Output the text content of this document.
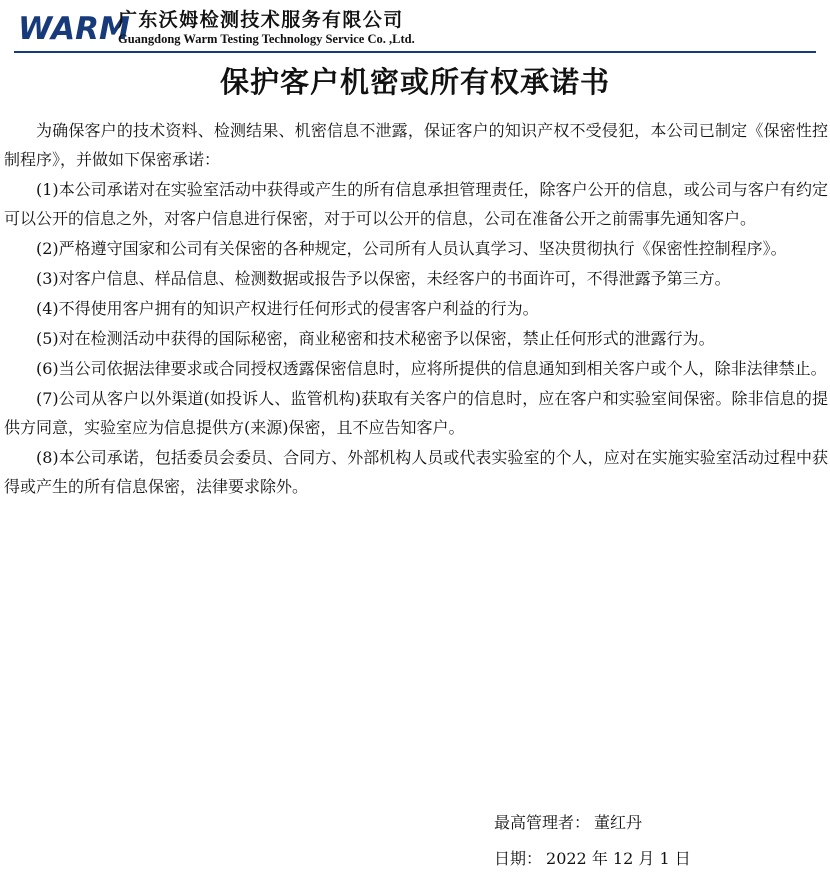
WARM
广东沃姆检测技术服务有限公司
Guangdong Warm Testing Technology Service Co. ,Ltd.
保护客户机密或所有权承诺书

为确保客户的技术资料、检测结果、机密信息不泄露，保证客户的知识产权不受侵犯，本公司已制定《保密性控制程序》，并做如下保密承诺：

(1)本公司承诺对在实验室活动中获得或产生的所有信息承担管理责任，除客户公开的信息，或公司与客户有约定可以公开的信息之外，对客户信息进行保密，对于可以公开的信息，公司在准备公开之前需事先通知客户。

(2)严格遵守国家和公司有关保密的各种规定，公司所有人员认真学习、坚决贯彻执行《保密性控制程序》。

(3)对客户信息、样品信息、检测数据或报告予以保密，未经客户的书面许可，不得泄露予第三方。

(4)不得使用客户拥有的知识产权进行任何形式的侵害客户利益的行为。

(5)对在检测活动中获得的国际秘密，商业秘密和技术秘密予以保密，禁止任何形式的泄露行为。

(6)当公司依据法律要求或合同授权透露保密信息时，应将所提供的信息通知到相关客户或个人，除非法律禁止。

(7)公司从客户以外渠道(如投诉人、监管机构)获取有关客户的信息时，应在客户和实验室间保密。除非信息的提供方同意，实验室应为信息提供方(来源)保密，且不应告知客户。

(8)本公司承诺，包括委员会委员、合同方、外部机构人员或代表实验室的个人，应对在实施实验室活动过程中获得或产生的所有信息保密，法律要求除外。

最高管理者： 董红丹
日期： 2022 年 12 月 1 日
